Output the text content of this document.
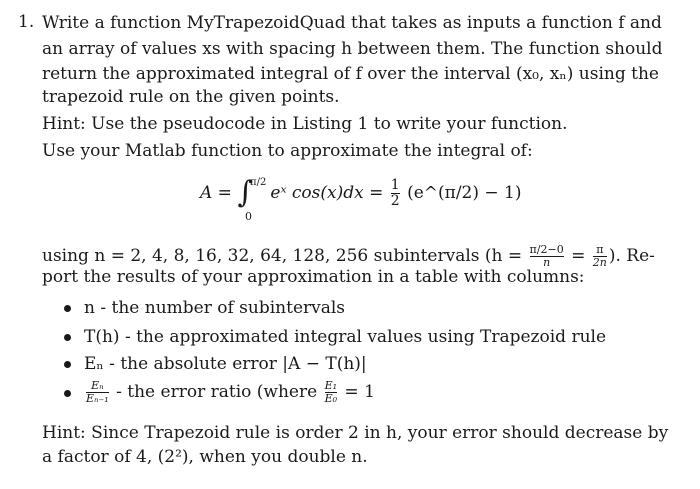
1. Write a function MyTrapezoidQuad that takes as inputs a function f and
an array of values xs with spacing h between them. The function should
return the approximated integral of f over the interval (x₀, xₙ) using the
trapezoid rule on the given points.
Hint: Use the pseudocode in Listing 1 to write your function.
Use your Matlab function to approximate the integral of:
A = ∫
π/2
0
eˣ $\cos(x)dx = \frac{1}{2}$ (e^(π/2) − 1)
using n = 2, 4, 8, 16, 32, 64, 128, 256 subintervals ($h = \frac{\pi/2-0}{n} = \frac{\pi}{2n}$ ). Re-
port the results of your approximation in a table with columns:
n - the number of subintervals
T(h) - the approximated integral values using Trapezoid rule
Eₙ - the absolute error |A − T(h)|
$\frac{\text{Eₙ}}{\text{Eₙ₋₁}}$ - the error ratio (where $\frac{\text{E₁}}{\text{E₀}} = 1$
Hint: Since Trapezoid rule is order 2 in h, your error should decrease by
a factor of 4, (2²), when you double n.
